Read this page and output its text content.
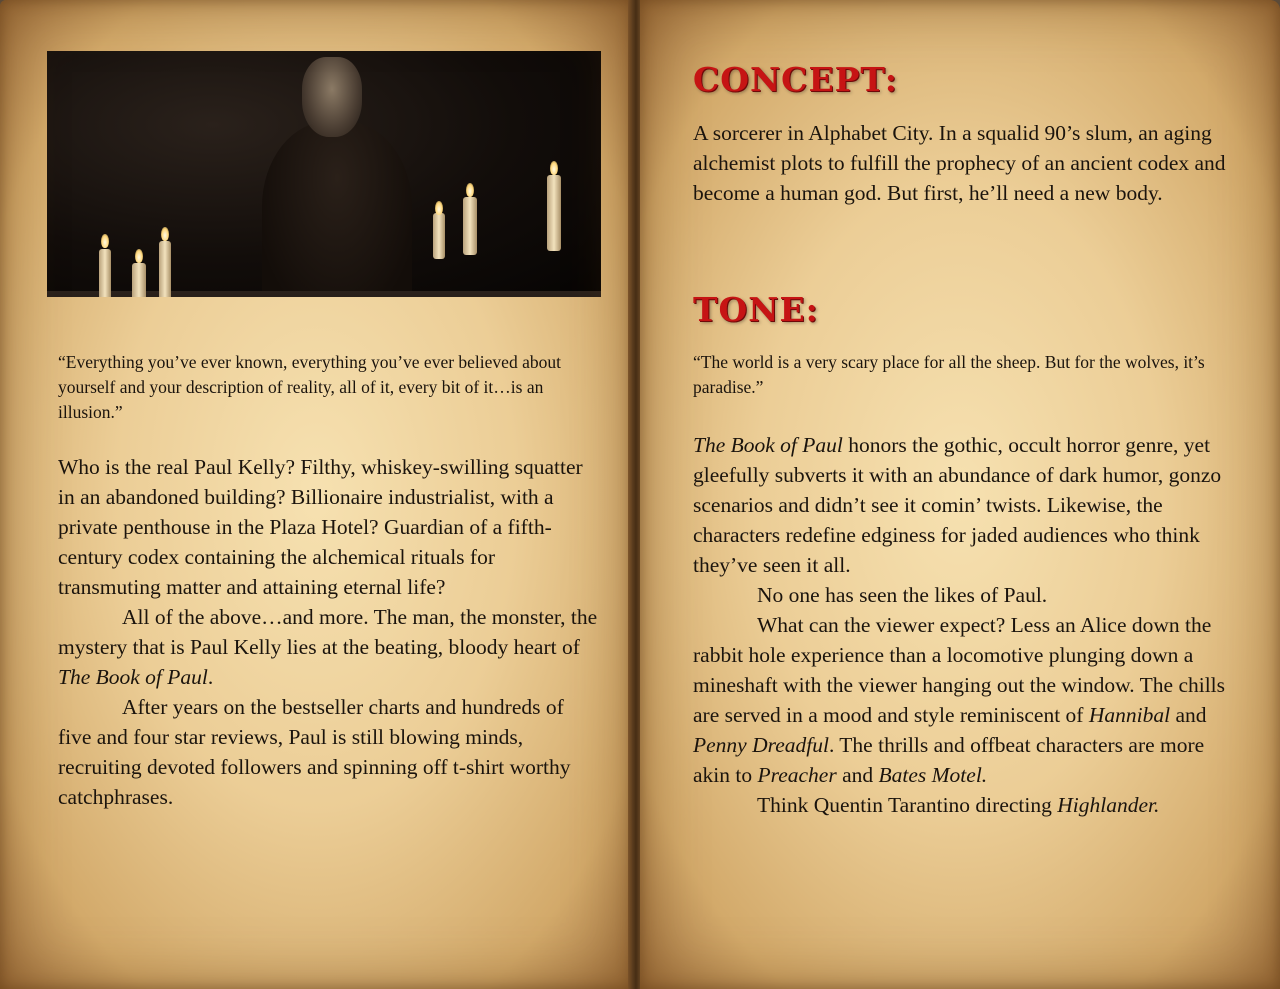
“Everything you’ve ever known, everything you’ve ever believed about yourself and your description of reality, all of it, every bit of it…is an illusion.”

Who is the real Paul Kelly? Filthy, whiskey-swilling squatter in an abandoned building? Billionaire industrialist, with a private penthouse in the Plaza Hotel? Guardian of a fifth-century codex containing the alchemical rituals for transmuting matter and attaining eternal life?

All of the above…and more. The man, the monster, the mystery that is Paul Kelly lies at the beating, bloody heart of The Book of Paul.

After years on the bestseller charts and hundreds of five and four star reviews, Paul is still blowing minds, recruiting devoted followers and spinning off t-shirt worthy catchphrases.

CONCEPT:

A sorcerer in Alphabet City. In a squalid 90’s slum, an aging alchemist plots to fulfill the prophecy of an ancient codex and become a human god. But first, he’ll need a new body.

TONE:

“The world is a very scary place for all the sheep. But for the wolves, it’s paradise.”

The Book of Paul honors the gothic, occult horror genre, yet gleefully subverts it with an abundance of dark humor, gonzo scenarios and didn’t see it comin’ twists. Likewise, the characters redefine edginess for jaded audiences who think they’ve seen it all.

No one has seen the likes of Paul.

What can the viewer expect? Less an Alice down the rabbit hole experience than a locomotive plunging down a mineshaft with the viewer hanging out the window. The chills are served in a mood and style reminiscent of Hannibal and Penny Dreadful. The thrills and offbeat characters are more akin to Preacher and Bates Motel.

Think Quentin Tarantino directing Highlander.
